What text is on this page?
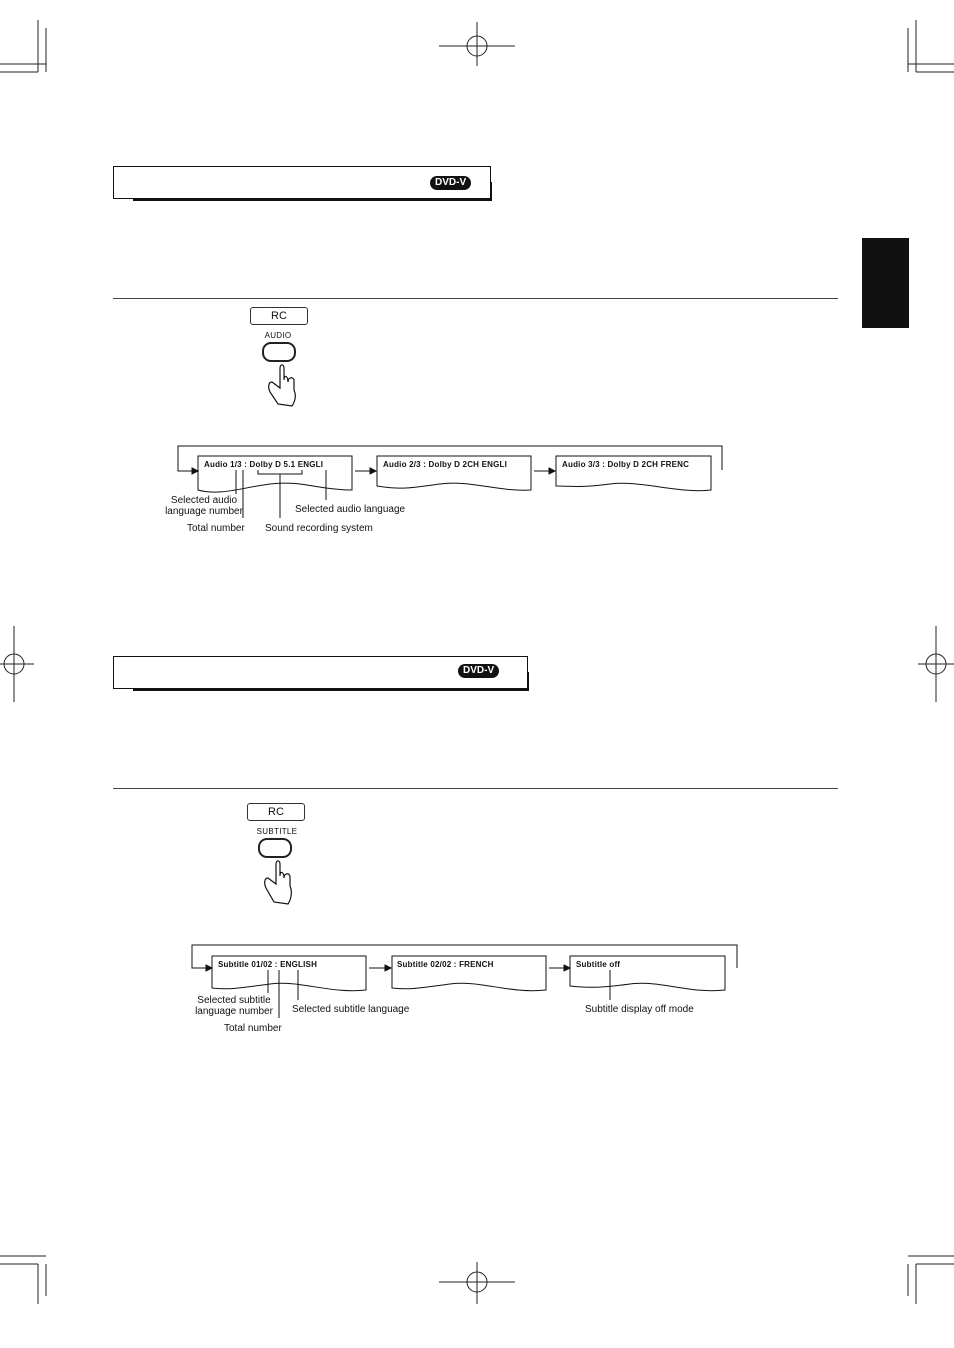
DVD-V
RC
AUDIO
Audio 1/3 : Dolby D 5.1 ENGLI	Audio 2/3 : Dolby D 2CH ENGLI	Audio 3/3 : Dolby D 2CH FRENC
Selected audio
language number
Total number Sound recording system
Selected audio language
DVD-V
RC
SUBTITLE
Subtitle 01/02 : ENGLISH	Subtitle 02/02 : FRENCH	Subtitle off
Selected subtitle
language number
Total number
Selected subtitle language	Subtitle display off mode
